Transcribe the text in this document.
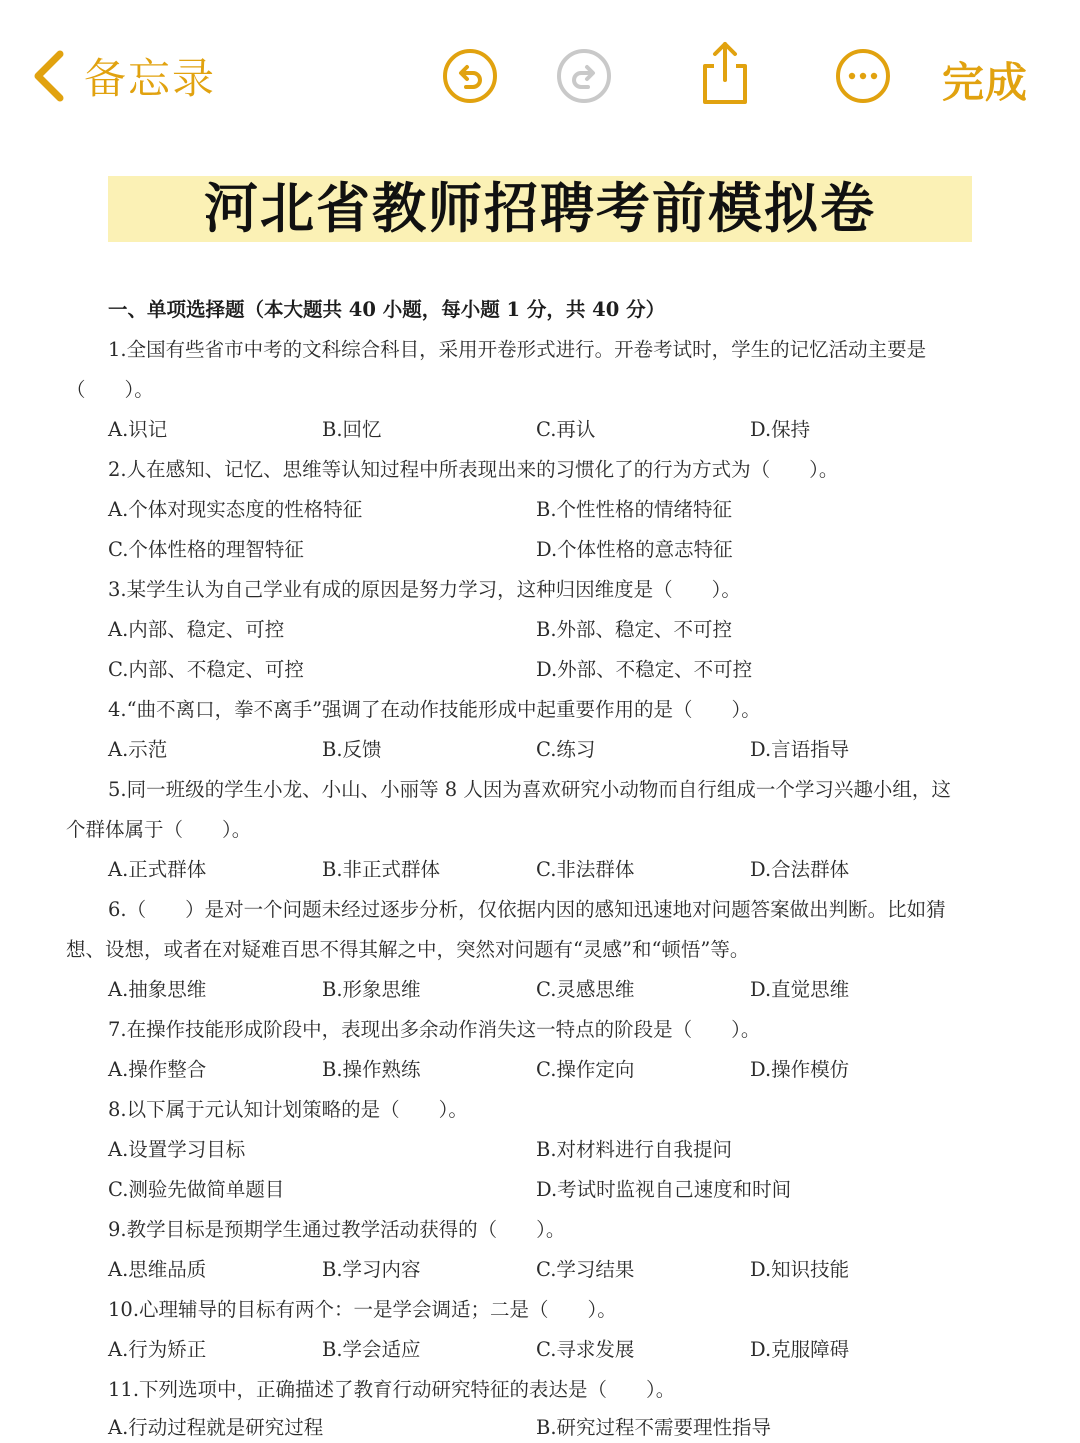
备忘录	完成
河北省教师招聘考前模拟卷
一、单项选择题（本大题共 40 小题，每小题 1 分，共 40 分）
1.全国有些省市中考的文科综合科目，采用开卷形式进行。开卷考试时，学生的记忆活动主要是
（　　）。
A.识记	B.回忆	C.再认	D.保持
2.人在感知、记忆、思维等认知过程中所表现出来的习惯化了的行为方式为（　　）。
A.个体对现实态度的性格特征	B.个性性格的情绪特征
C.个体性格的理智特征	D.个体性格的意志特征
3.某学生认为自己学业有成的原因是努力学习，这种归因维度是（　　）。
A.内部、稳定、可控	B.外部、稳定、不可控
C.内部、不稳定、可控	D.外部、不稳定、不可控
4.“曲不离口，拳不离手”强调了在动作技能形成中起重要作用的是（　　）。
A.示范	B.反馈	C.练习	D.言语指导
5.同一班级的学生小龙、小山、小丽等 8 人因为喜欢研究小动物而自行组成一个学习兴趣小组，这
个群体属于（　　）。
A.正式群体	B.非正式群体	C.非法群体	D.合法群体
6.（　　）是对一个问题未经过逐步分析，仅依据内因的感知迅速地对问题答案做出判断。比如猜
想、设想，或者在对疑难百思不得其解之中，突然对问题有“灵感”和“顿悟”等。
A.抽象思维	B.形象思维	C.灵感思维	D.直觉思维
7.在操作技能形成阶段中，表现出多余动作消失这一特点的阶段是（　　）。
A.操作整合	B.操作熟练	C.操作定向	D.操作模仿
8.以下属于元认知计划策略的是（　　）。
A.设置学习目标	B.对材料进行自我提问
C.测验先做简单题目	D.考试时监视自己速度和时间
9.教学目标是预期学生通过教学活动获得的（　　）。
A.思维品质	B.学习内容	C.学习结果	D.知识技能
10.心理辅导的目标有两个：一是学会调适；二是（　　）。
A.行为矫正	B.学会适应	C.寻求发展	D.克服障碍
11.下列选项中，正确描述了教育行动研究特征的表达是（　　）。
A.行动过程就是研究过程	B.研究过程不需要理性指导
